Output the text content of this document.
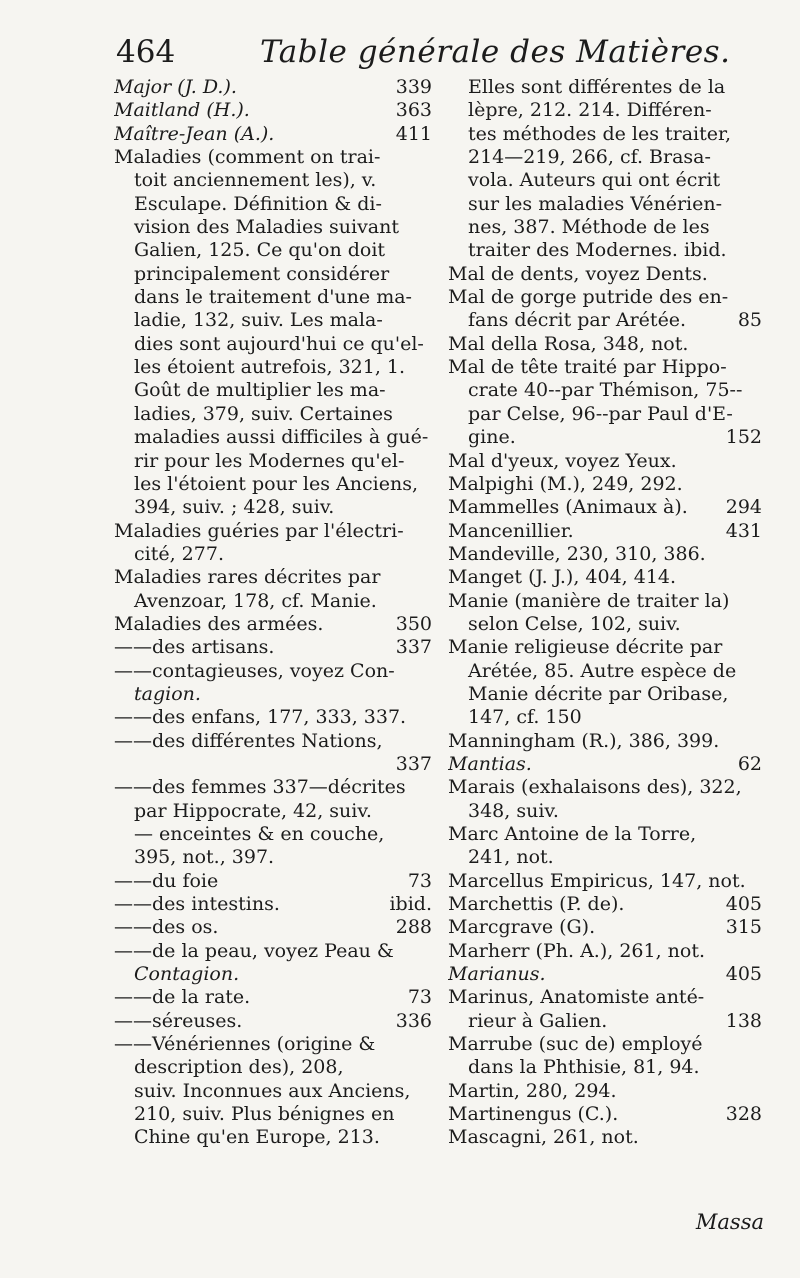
464	Table générale des Matières.
Major (J. D.).	339
Maitland (H.).	363
Maître-Jean (A.).	411
Maladies (comment on trai-
toit anciennement les), v.
Esculape. Définition & di-
vision des Maladies suivant
Galien, 125. Ce qu'on doit
principalement considérer
dans le traitement d'une ma-
ladie, 132, suiv. Les mala-
dies sont aujourd'hui ce qu'el-
les étoient autrefois, 321, 1.
Goût de multiplier les ma-
ladies, 379, suiv. Certaines
maladies aussi difficiles à gué-
rir pour les Modernes qu'el-
les l'étoient pour les Anciens,
394, suiv. ; 428, suiv.
Maladies guéries par l'électri-
cité, 277.
Maladies rares décrites par
Avenzoar, 178, cf. Manie.
Maladies des armées.	350
——des artisans.	337
——contagieuses, voyez Con-
tagion.
——des enfans, 177, 333, 337.
——des différentes Nations,
337
——des femmes 337—décrites
par Hippocrate, 42, suiv.
— enceintes & en couche,
395, not., 397.
——du foie	73
——des intestins.	ibid.
——des os.	288
——de la peau, voyez Peau &
Contagion.
——de la rate.	73
——séreuses.	336
——Vénériennes (origine &
description des), 208,
suiv. Inconnues aux Anciens,
210, suiv. Plus bénignes en
Chine qu'en Europe, 213.
Elles sont différentes de la
lèpre, 212. 214. Différen-
tes méthodes de les traiter,
214—219, 266, cf. Brasa-
vola. Auteurs qui ont écrit
sur les maladies Vénérien-
nes, 387. Méthode de les
traiter des Modernes. ibid.
Mal de dents, voyez Dents.
Mal de gorge putride des en-
fans décrit par Arétée.	85
Mal della Rosa, 348, not.
Mal de tête traité par Hippo-
crate 40--par Thémison, 75--
par Celse, 96--par Paul d'E-
gine.	152
Mal d'yeux, voyez Yeux.
Malpighi (M.), 249, 292.
Mammelles (Animaux à). 294
Mancenillier.	431
Mandeville, 230, 310, 386.
Manget (J. J.), 404, 414.
Manie (manière de traiter la)
selon Celse, 102, suiv.
Manie religieuse décrite par
Arétée, 85. Autre espèce de
Manie décrite par Oribase,
147, cf. 150
Manningham (R.), 386, 399.
Mantias.	62
Marais (exhalaisons des), 322,
348, suiv.
Marc Antoine de la Torre,
241, not.
Marcellus Empiricus, 147, not.
Marchettis (P. de).	405
Marcgrave (G).	315
Marherr (Ph. A.), 261, not.
Marianus.	405
Marinus, Anatomiste anté-
rieur à Galien.	138
Marrube (suc de) employé
dans la Phthisie, 81, 94.
Martin, 280, 294.
Martinengus (C.).	328
Mascagni, 261, not.
Massa
